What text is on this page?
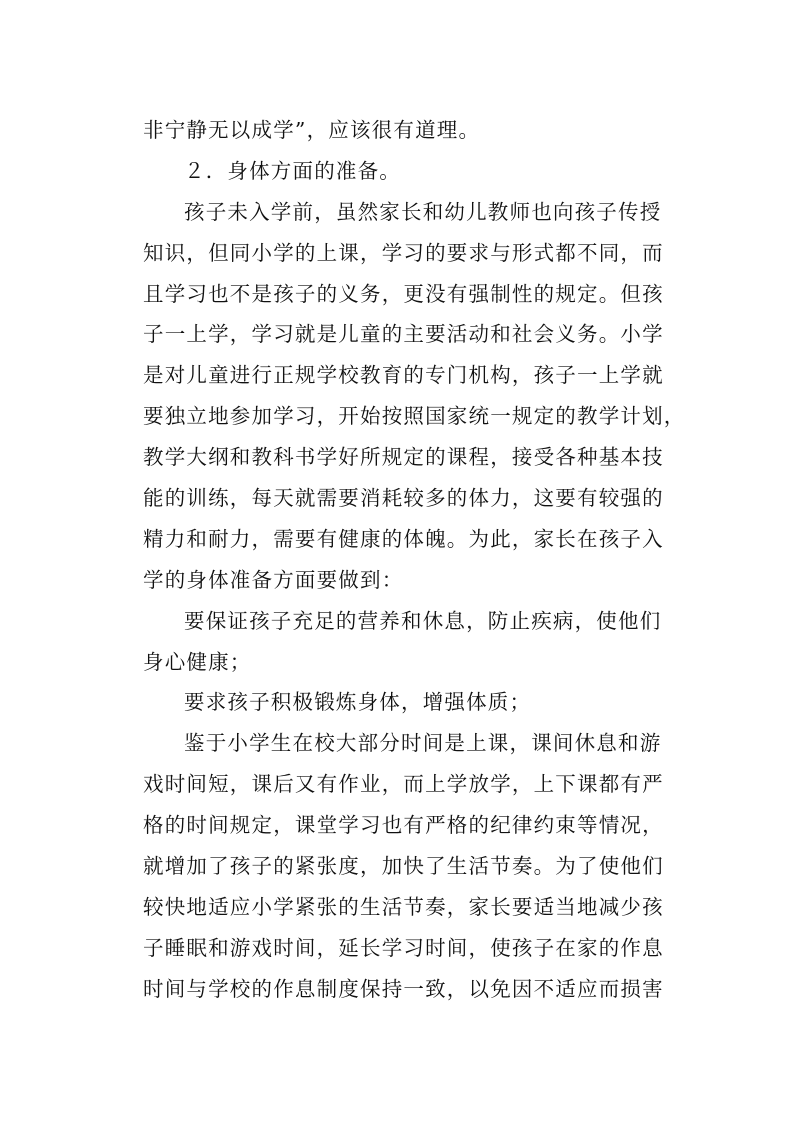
非宁静无以成学”，应该很有道理。
２．身体方面的准备。
孩子未入学前，虽然家长和幼儿教师也向孩子传授
知识，但同小学的上课，学习的要求与形式都不同，而
且学习也不是孩子的义务，更没有强制性的规定。但孩
子一上学，学习就是儿童的主要活动和社会义务。小学
是对儿童进行正规学校教育的专门机构，孩子一上学就
要独立地参加学习，开始按照国家统一规定的教学计划，
教学大纲和教科书学好所规定的课程，接受各种基本技
能的训练，每天就需要消耗较多的体力，这要有较强的
精力和耐力，需要有健康的体魄。为此，家长在孩子入
学的身体准备方面要做到：
要保证孩子充足的营养和休息，防止疾病，使他们
身心健康；
要求孩子积极锻炼身体，增强体质；
鉴于小学生在校大部分时间是上课，课间休息和游
戏时间短，课后又有作业，而上学放学，上下课都有严
格的时间规定，课堂学习也有严格的纪律约束等情况，
就增加了孩子的紧张度，加快了生活节奏。为了使他们
较快地适应小学紧张的生活节奏，家长要适当地减少孩
子睡眠和游戏时间，延长学习时间，使孩子在家的作息
时间与学校的作息制度保持一致，以免因不适应而损害
